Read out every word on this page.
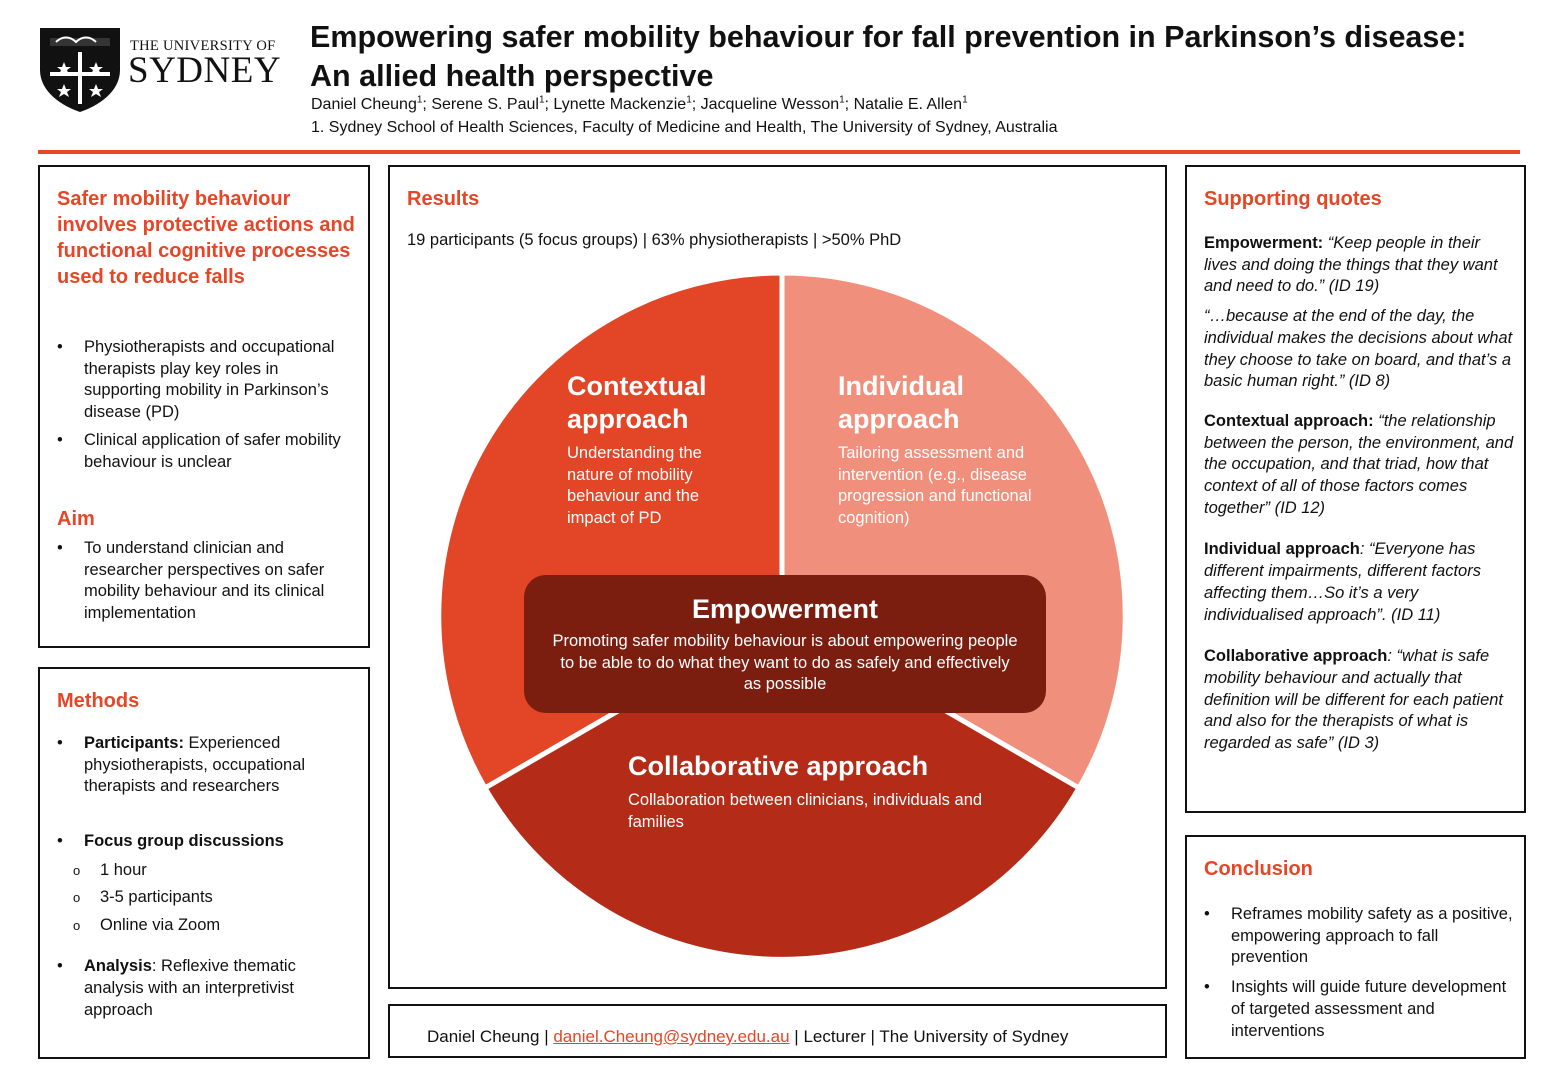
THE UNIVERSITY OF
SYDNEY
Empowering safer mobility behaviour for fall prevention in Parkinson’s disease:
An allied health perspective
Daniel Cheung$^1$; Serene S. Paul$^1$; Lynette Mackenzie$^1$; Jacqueline Wesson$^1$; Natalie E. Allen$^1$
1. Sydney School of Health Sciences, Faculty of Medicine and Health, The University of Sydney, Australia
Safer mobility behaviour involves protective actions and functional cognitive processes used to reduce falls
• Physiotherapists and occupational therapists play key roles in supporting mobility in Parkinson’s disease (PD)
• Clinical application of safer mobility behaviour is unclear
Aim
• To understand clinician and researcher perspectives on safer mobility behaviour and its clinical implementation
Methods
• Participants: Experienced physiotherapists, occupational therapists and researchers
• Focus group discussions
o 1 hour
o 3-5 participants
o Online via Zoom
• Analysis: Reflexive thematic analysis with an interpretivist approach
Results
19 participants (5 focus groups) | 63% physiotherapists | >50% PhD
Contextual
approach
Understanding the nature of mobility behaviour and the impact of PD
Individual
approach
Tailoring assessment and intervention (e.g., disease progression and functional cognition)
Empowerment
Promoting safer mobility behaviour is about empowering people to be able to do what they want to do as safely and effectively as possible
Collaborative approach
Collaboration between clinicians, individuals and families
Daniel Cheung | daniel.Cheung@sydney.edu.au | Lecturer | The University of Sydney
Supporting quotes
Empowerment: “Keep people in their lives and doing the things that they want and need to do.” (ID 19)
“…because at the end of the day, the individual makes the decisions about what they choose to take on board, and that’s a basic human right.” (ID 8)
Contextual approach: “the relationship between the person, the environment, and the occupation, and that triad, how that context of all of those factors comes together” (ID 12)
Individual approach: “Everyone has different impairments, different factors affecting them…So it’s a very individualised approach”. (ID 11)
Collaborative approach: “what is safe mobility behaviour and actually that definition will be different for each patient and also for the therapists of what is regarded as safe” (ID 3)
Conclusion
• Reframes mobility safety as a positive, empowering approach to fall prevention
• Insights will guide future development of targeted assessment and interventions
